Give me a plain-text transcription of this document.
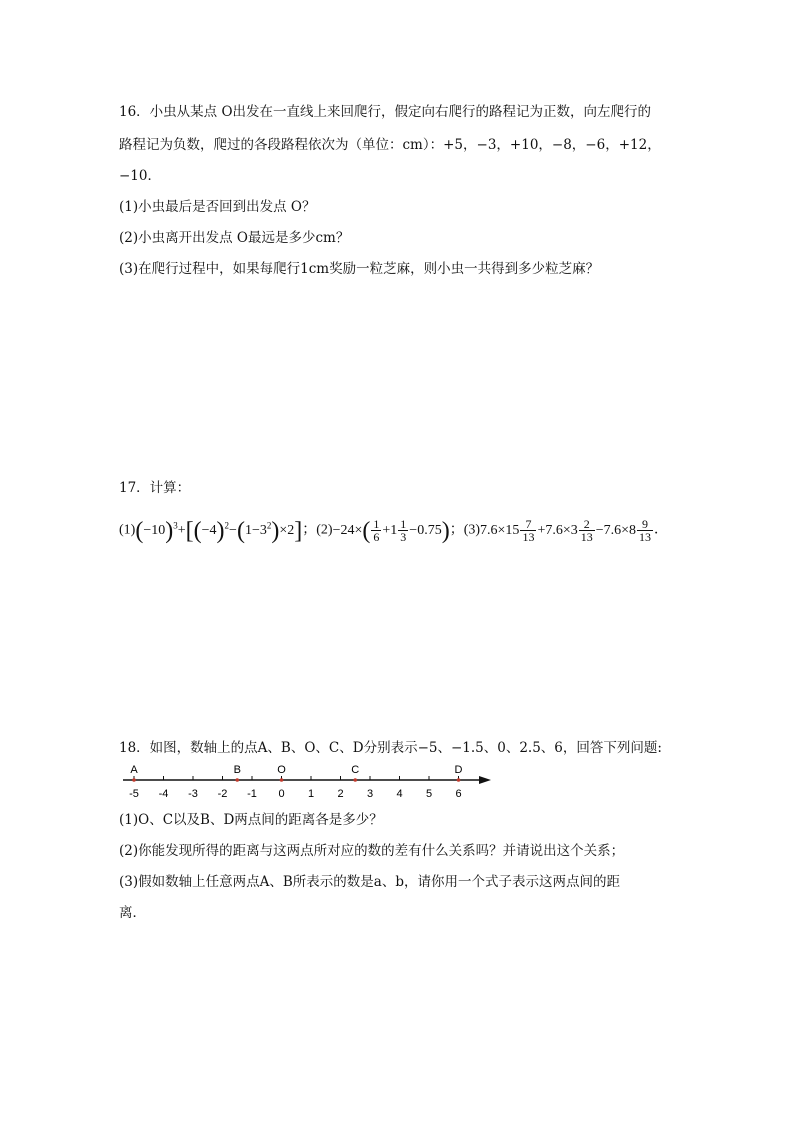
16．小虫从某点 O出发在一直线上来回爬行，假定向右爬行的路程记为正数，向左爬行的
路程记为负数，爬过的各段路程依次为（单位：cm）：+5，−3，+10，−8，−6，+12，
−10．
(1)小虫最后是否回到出发点 O？
(2)小虫离开出发点 O最远是多少cm？
(3)在爬行过程中，如果每爬行1cm奖励一粒芝麻，则小虫一共得到多少粒芝麻？
17．计算：
$(1)(-10)^3+[(-4)^2-(1-3^2)\times 2]$；$(2)-24\times( \frac{1}{6} +1 \frac{1}{3} -0.75)$；$(3)7.6\times 15 \frac{7}{13} +7.6\times 3 \frac{2}{13} -7.6\times 8 \frac{9}{13}$ ．
18．如图，数轴上的点A、B、O、C、D分别表示−5、−1.5、0、2.5、6，回答下列问题:
-5 -4 -3 -2 -1 0 1 2 3 4 5 6
A	B	O	C	D
(1)O、C以及B、D两点间的距离各是多少？
(2)你能发现所得的距离与这两点所对应的数的差有什么关系吗？并请说出这个关系；
(3)假如数轴上任意两点A、B所表示的数是a、b，请你用一个式子表示这两点间的距
离．
